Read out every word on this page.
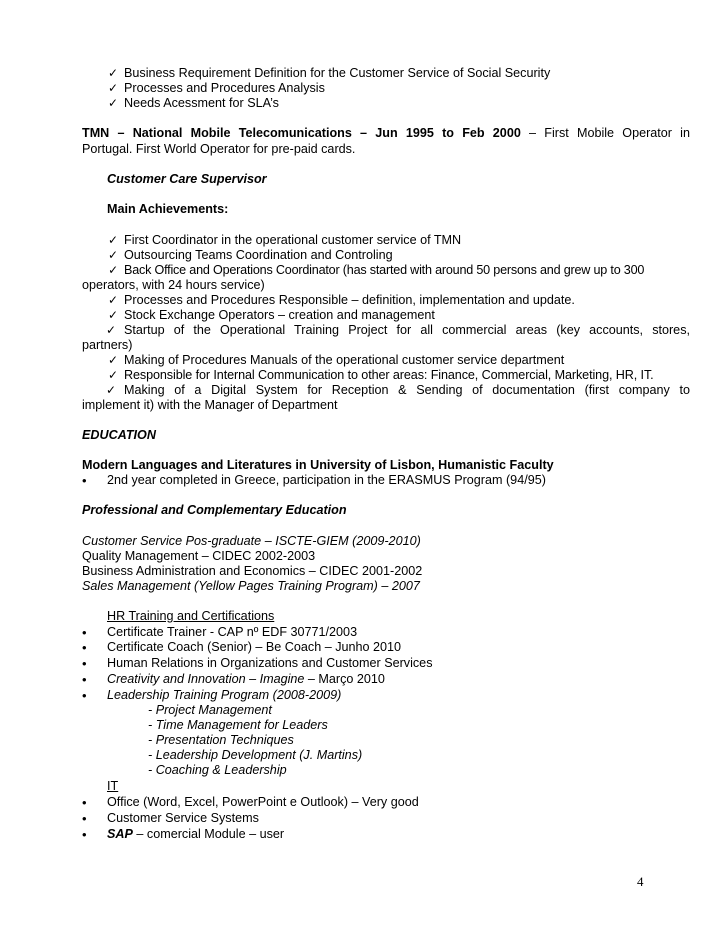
✓ Business Requirement Definition for the Customer Service of Social Security
✓ Processes and Procedures Analysis
✓ Needs Acessment for SLA’s
TMN – National Mobile Telecomunications – Jun 1995 to Feb 2000 – First Mobile Operator in
Portugal. First World Operator for pre-paid cards.
Customer Care Supervisor
Main Achievements:
✓ First Coordinator in the operational customer service of TMN
✓ Outsourcing Teams Coordination and Controling
✓ Back Office and Operations Coordinator (has started with around 50 persons and grew up to 300
operators, with 24 hours service)
✓ Processes and Procedures Responsible – definition, implementation and update.
✓ Stock Exchange Operators – creation and management
✓ Startup of the Operational Training Project for all commercial areas (key accounts, stores,
partners)
✓ Making of Procedures Manuals of the operational customer service department
✓ Responsible for Internal Communication to other areas: Finance, Commercial, Marketing, HR, IT.
✓ Making of a Digital System for Reception & Sending of documentation (first company to
implement it) with the Manager of Department
EDUCATION
Modern Languages and Literatures in University of Lisbon, Humanistic Faculty
•	2nd year completed in Greece, participation in the ERASMUS Program (94/95)
Professional and Complementary Education
Customer Service Pos-graduate – ISCTE-GIEM (2009-2010)
Quality Management – CIDEC 2002-2003
Business Administration and Economics – CIDEC 2001-2002
Sales Management (Yellow Pages Training Program) – 2007
HR Training and Certifications
•	Certificate Trainer - CAP nº EDF 30771/2003
•	Certificate Coach (Senior) – Be Coach – Junho 2010
•	Human Relations in Organizations and Customer Services
•	Creativity and Innovation – Imagine – Março 2010
•	Leadership Training Program (2008-2009)
- Project Management
- Time Management for Leaders
- Presentation Techniques
- Leadership Development (J. Martins)
- Coaching & Leadership
IT
•	Office (Word, Excel, PowerPoint e Outlook) – Very good
•	Customer Service Systems
•	SAP – comercial Module – user
4
